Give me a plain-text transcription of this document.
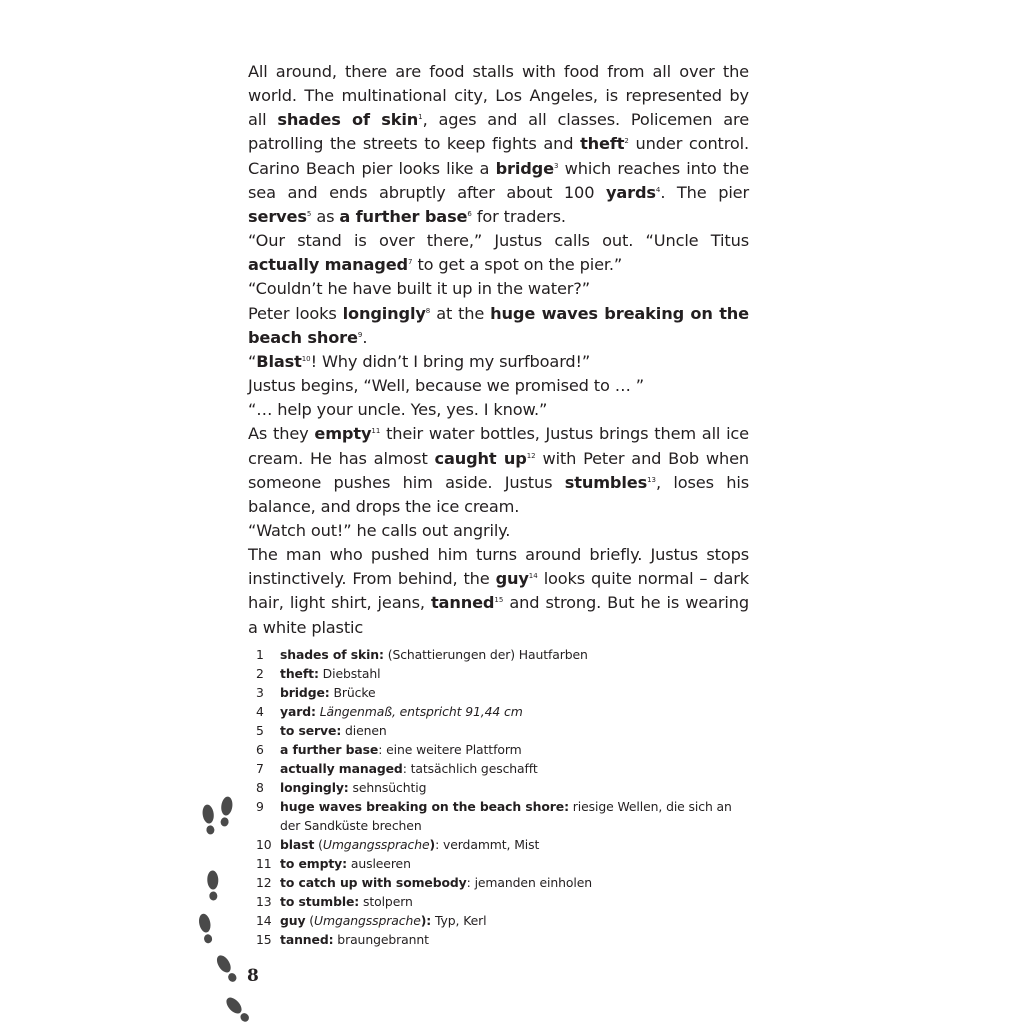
All around, there are food stalls with food from all over the world. The multinational city, Los Angeles, is represented by all shades of skin$^1$, ages and all classes. Policemen are patrolling the streets to keep fights and theft$^2$ under control. Carino Beach pier looks like a bridge$^3$ which reaches into the sea and ends abruptly after about 100 yards$^4$. The pier serves$^5$ as a further base$^6$ for traders.

“Our stand is over there,” Justus calls out. “Uncle Titus actually managed$^7$ to get a spot on the pier.”

“Couldn’t he have built it up in the water?”

Peter looks longingly$^8$ at the huge waves breaking on the beach shore$^9$.

“Blast$^{10}$! Why didn’t I bring my surfboard!”

Justus begins, “Well, because we promised to … ”

“… help your uncle. Yes, yes. I know.”

As they empty$^{11}$ their water bottles, Justus brings them all ice cream. He has almost caught $up^{12}$ with Peter and Bob when someone pushes him aside. Justus stumbles$^{13}$, loses his balance, and drops the ice cream.

“Watch out!” he calls out angrily.

The man who pushed him turns around briefly. Justus stops instinctively. From behind, the guy$^{14}$ looks quite normal – dark hair, light shirt, jeans, tanned$^{15}$ and strong. But he is wearing a white plastic

1	shades of skin: (Schattierungen der) Hautfarben
2	theft: Diebstahl
3	bridge: Brücke
4	yard: Längenmaß, entspricht 91,44 cm
5	to serve: dienen
6	a further base: eine weitere Plattform
7	actually managed: tatsächlich geschafft
8	longingly: sehnsüchtig
9	huge waves breaking on the beach shore: riesige Wellen, die sich an der Sandküste brechen
10 blast (Umgangssprache): verdammt, Mist
11 to empty: ausleeren
12 to catch up with somebody: jemanden einholen
13 to stumble: stolpern
14 guy (Umgangssprache): Typ, Kerl
15 tanned: braungebrannt
8
